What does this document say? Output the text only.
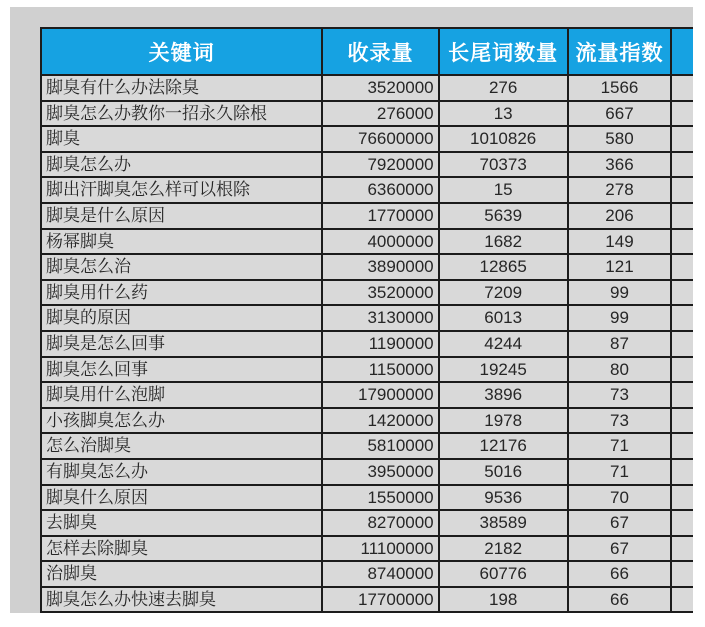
关键词	收录量	长尾词数量	流量指数	
脚臭有什么办法除臭	3520000	276	1566	
脚臭怎么办教你一招永久除根	276000	13	667	
脚臭	76600000	1010826	580	
脚臭怎么办	7920000	70373	366	
脚出汗脚臭怎么样可以根除	6360000	15	278	
脚臭是什么原因	1770000	5639	206	
杨幂脚臭	4000000	1682	149	
脚臭怎么治	3890000	12865	121	
脚臭用什么药	3520000	7209	99	
脚臭的原因	3130000	6013	99	
脚臭是怎么回事	1190000	4244	87	
脚臭怎么回事	1150000	19245	80	
脚臭用什么泡脚	17900000	3896	73	
小孩脚臭怎么办	1420000	1978	73	
怎么治脚臭	5810000	12176	71	
有脚臭怎么办	3950000	5016	71	
脚臭什么原因	1550000	9536	70	
去脚臭	8270000	38589	67	
怎样去除脚臭	11100000	2182	67	
治脚臭	8740000	60776	66	
脚臭怎么办快速去脚臭	17700000	198	66	
